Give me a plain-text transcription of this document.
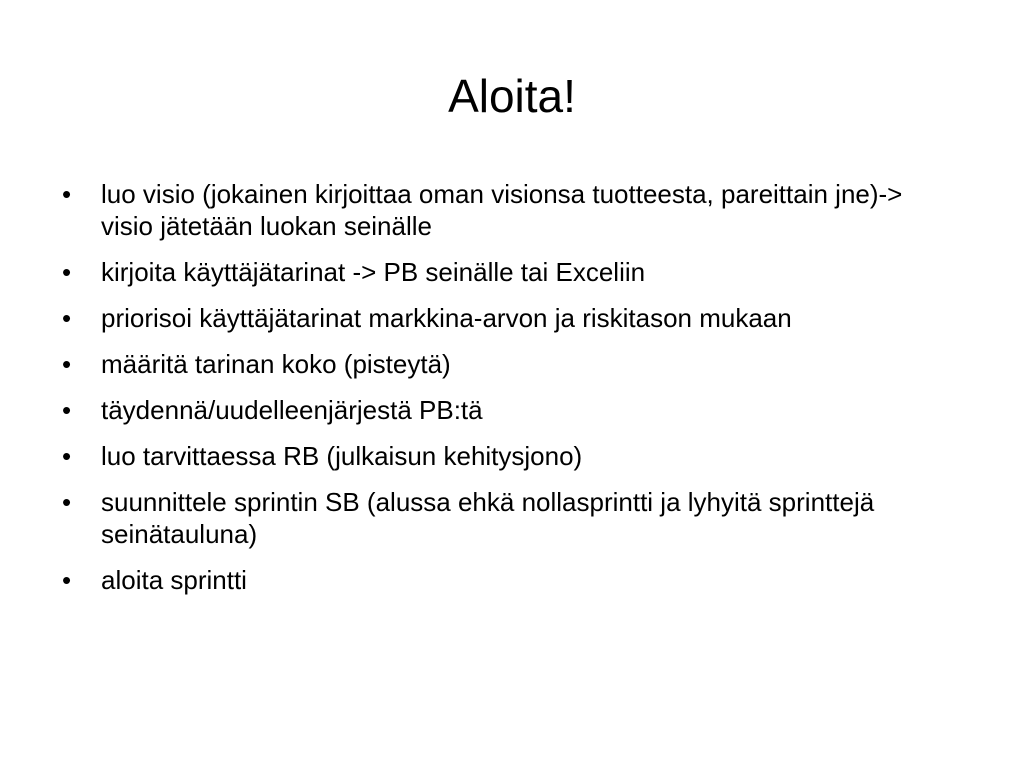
Aloita!
• luo visio (jokainen kirjoittaa oman visionsa tuotteesta, pareittain jne)-> visio jätetään luokan seinälle
• kirjoita käyttäjätarinat -> PB seinälle tai Exceliin
• priorisoi käyttäjätarinat markkina-arvon ja riskitason mukaan
• määritä tarinan koko (pisteytä)
• täydennä/uudelleenjärjestä PB:tä
• luo tarvittaessa RB (julkaisun kehitysjono)
• suunnittele sprintin SB (alussa ehkä nollasprintti ja lyhyitä sprinttejä seinätauluna)
• aloita sprintti
